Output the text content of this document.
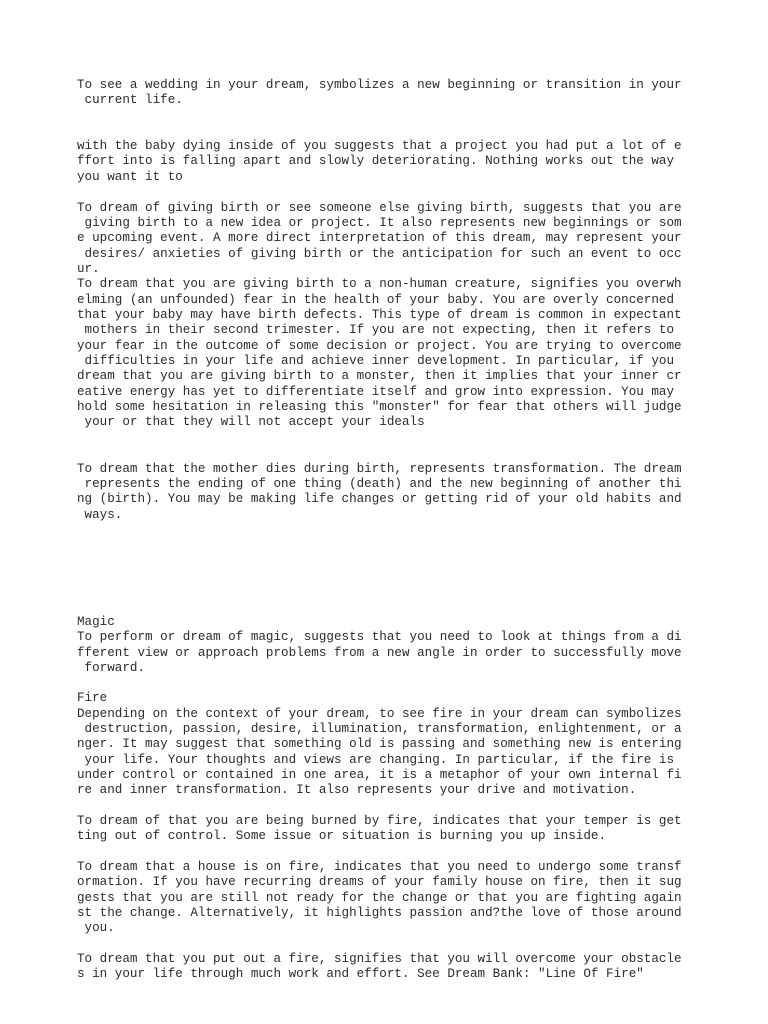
To see a wedding in your dream, symbolizes a new beginning or transition in your

current life.

with the baby dying inside of you suggests that a project you had put a lot of e

ffort into is falling apart and slowly deteriorating. Nothing works out the way

you want it to

To dream of giving birth or see someone else giving birth, suggests that you are

giving birth to a new idea or project. It also represents new beginnings or som

e upcoming event. A more direct interpretation of this dream, may represent your

desires/ anxieties of giving birth or the anticipation for such an event to occ

ur.

To dream that you are giving birth to a non-human creature, signifies you overwh

elming (an unfounded) fear in the health of your baby. You are overly concerned

that your baby may have birth defects. This type of dream is common in expectant

mothers in their second trimester. If you are not expecting, then it refers to

your fear in the outcome of some decision or project. You are trying to overcome

difficulties in your life and achieve inner development. In particular, if you

dream that you are giving birth to a monster, then it implies that your inner cr

eative energy has yet to differentiate itself and grow into expression. You may

hold some hesitation in releasing this "monster" for fear that others will judge

your or that they will not accept your ideals

To dream that the mother dies during birth, represents transformation. The dream

represents the ending of one thing (death) and the new beginning of another thi

ng (birth). You may be making life changes or getting rid of your old habits and

ways.

Magic

To perform or dream of magic, suggests that you need to look at things from a di

fferent view or approach problems from a new angle in order to successfully move

forward.

Fire

Depending on the context of your dream, to see fire in your dream can symbolizes

destruction, passion, desire, illumination, transformation, enlightenment, or a

nger. It may suggest that something old is passing and something new is entering

your life. Your thoughts and views are changing. In particular, if the fire is

under control or contained in one area, it is a metaphor of your own internal fi

re and inner transformation. It also represents your drive and motivation.

To dream of that you are being burned by fire, indicates that your temper is get

ting out of control. Some issue or situation is burning you up inside.

To dream that a house is on fire, indicates that you need to undergo some transf

ormation. If you have recurring dreams of your family house on fire, then it sug

gests that you are still not ready for the change or that you are fighting again

st the change. Alternatively, it highlights passion and?the love of those around

you.

To dream that you put out a fire, signifies that you will overcome your obstacle

s in your life through much work and effort. See Dream Bank: "Line Of Fire"
